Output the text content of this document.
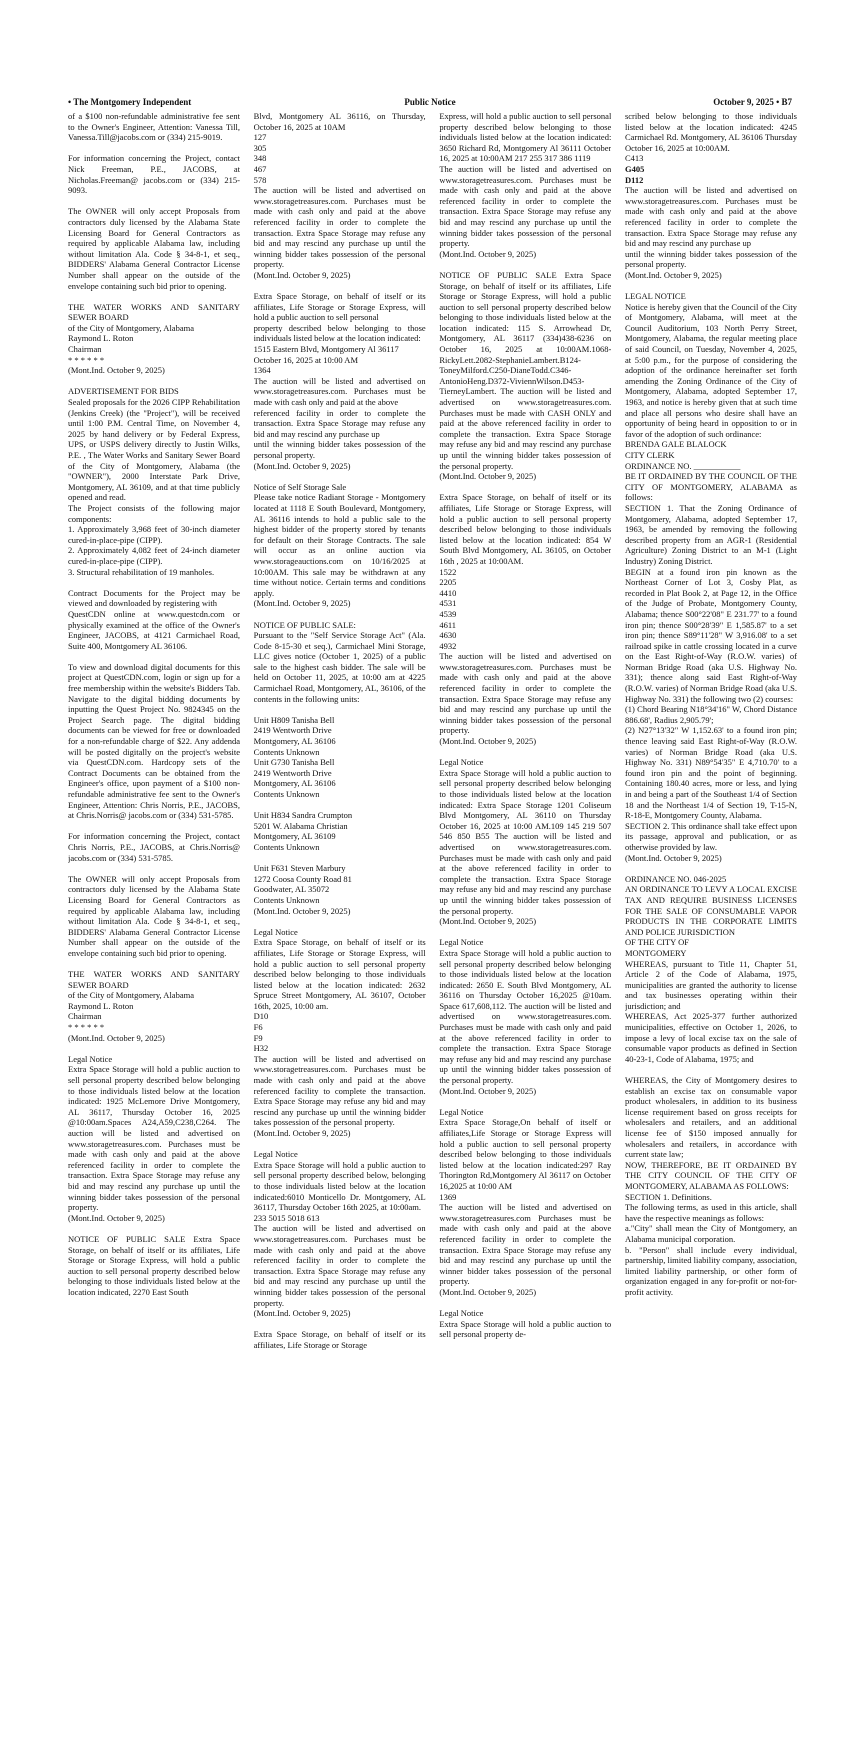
• The Montgomery Independent	Public Notice	October 9, 2025 • B7

of a $100 non-refundable administrative fee sent to the Owner's Engineer, Attention: Vanessa Till, Vanessa.Till@jacobs.com or (334) 215-9019.

For information concerning the Project, contact Nick Freeman, P.E., JACOBS, at Nicholas.Freeman@ jacobs.com or (334) 215-9093.

The OWNER will only accept Proposals from contractors duly licensed by the Alabama State Licensing Board for General Contractors as required by applicable Alabama law, including without limitation Ala. Code § 34-8-1, et seq., BIDDERS' Alabama General Contractor License Number shall appear on the outside of the envelope containing such bid prior to opening.

THE WATER WORKS AND SANITARY SEWER BOARD
of the City of Montgomery, Alabama
Raymond L. Roton
Chairman
* * * * * *
(Mont.Ind. October 9, 2025)

ADVERTISEMENT FOR BIDS
Sealed proposals for the 2026 CIPP Rehabilitation (Jenkins Creek) (the "Project"), will be received until 1:00 P.M. Central Time, on November 4, 2025 by hand delivery or by Federal Express, UPS, or USPS delivery directly to Justin Wilks, P.E. , The Water Works and Sanitary Sewer Board of the City of Montgomery, Alabama (the "OWNER"), 2000 Interstate Park Drive, Montgomery, AL 36109, and at that time publicly opened and read.
The Project consists of the following major components:
1. Approximately 3,968 feet of 30-inch diameter cured-in-place-pipe (CIPP).
2. Approximately 4,082 feet of 24-inch diameter cured-in-place-pipe (CIPP).
3. Structural rehabilitation of 19 manholes.

Contract Documents for the Project may be viewed and downloaded by registering with
QuestCDN online at www.questcdn.com or physically examined at the office of the Owner's Engineer, JACOBS, at 4121 Carmichael Road, Suite 400, Montgomery AL 36106.

To view and download digital documents for this project at QuestCDN.com, login or sign up for a free membership within the website's Bidders Tab. Navigate to the digital bidding documents by inputting the Quest Project No. 9824345 on the Project Search page. The digital bidding documents can be viewed for free or downloaded for a non-refundable charge of $22. Any addenda will be posted digitally on the project's website via QuestCDN.com. Hardcopy sets of the Contract Documents can be obtained from the Engineer's office, upon payment of a $100 non-refundable administrative fee sent to the Owner's Engineer, Attention: Chris Norris, P.E., JACOBS, at Chris.Norris@ jacobs.com or (334) 531-5785.

For information concerning the Project, contact Chris Norris, P.E., JACOBS, at Chris.Norris@ jacobs.com or (334) 531-5785.

The OWNER will only accept Proposals from contractors duly licensed by the Alabama State Licensing Board for General Contractors as required by applicable Alabama law, including without limitation Ala. Code § 34-8-1, et seq., BIDDERS' Alabama General Contractor License Number shall appear on the outside of the envelope containing such bid prior to opening.

THE WATER WORKS AND SANITARY SEWER BOARD
of the City of Montgomery, Alabama
Raymond L. Roton
Chairman
* * * * * *
(Mont.Ind. October 9, 2025)

Legal Notice
Extra Space Storage will hold a public auction to sell personal property described below belonging to those individuals listed below at the location indicated: 1925 McLemore Drive Montgomery, AL 36117, Thursday October 16, 2025 @10:00am.Spaces A24,A59,C238,C264. The auction will be listed and advertised on www.storagetreasures.com. Purchases must be made with cash only and paid at the above referenced facility in order to complete the transaction. Extra Space Storage may refuse any bid and may rescind any purchase up until the winning bidder takes possession of the personal property.
(Mont.Ind. October 9, 2025)

NOTICE OF PUBLIC SALE Extra Space Storage, on behalf of itself or its affiliates, Life Storage or Storage Express, will hold a public auction to sell personal property described below belonging to those individuals listed below at the location indicated, 2270 East South

Blvd, Montgomery AL 36116, on Thursday, October 16, 2025 at 10AM
127
305
348
467
578
The auction will be listed and advertised on www.storagetreasures.com. Purchases must be made with cash only and paid at the above referenced facility in order to complete the transaction. Extra Space Storage may refuse any bid and may rescind any purchase up until the winning bidder takes possession of the personal property.
(Mont.Ind. October 9, 2025)

Extra Space Storage, on behalf of itself or its affiliates, Life Storage or Storage Express, will hold a public auction to sell personal
property described below belonging to those individuals listed below at the location indicated:
1515 Eastern Blvd, Montgomery Al 36117
October 16, 2025 at 10:00 AM
1364
The auction will be listed and advertised on www.storagetreasures.com. Purchases must be made with cash only and paid at the above
referenced facility in order to complete the transaction. Extra Space Storage may refuse any bid and may rescind any purchase up
until the winning bidder takes possession of the personal property.
(Mont.Ind. October 9, 2025)

Notice of Self Storage Sale
Please take notice Radiant Storage - Montgomery located at 1118 E South Boulevard, Montgomery, AL 36116 intends to hold a public sale to the highest bidder of the property stored by tenants for default on their Storage Contracts. The sale will occur as an online auction via www.storageauctions.com on 10/16/2025 at 10:00AM. This sale may be withdrawn at any time without notice. Certain terms and conditions apply.
(Mont.Ind. October 9, 2025)

NOTICE OF PUBLIC SALE:
Pursuant to the "Self Service Storage Act" (Ala. Code 8-15-30 et seq.), Carmichael Mini Storage, LLC gives notice (October 1, 2025) of a public sale to the highest cash bidder. The sale will be held on October 11, 2025, at 10:00 am at 4225 Carmichael Road, Montgomery, AL, 36106, of the contents in the following units:

Unit H809 Tanisha Bell
2419 Wentworth Drive
Montgomery, AL 36106
Contents Unknown
Unit G730 Tanisha Bell
2419 Wentworth Drive
Montgomery, AL 36106
Contents Unknown

Unit H834 Sandra Crumpton
5201 W. Alabama Christian
Montgomery, AL 36109
Contents Unknown

Unit F631 Steven Marbury
1272 Coosa County Road 81
Goodwater, AL 35072
Contents Unknown
(Mont.Ind. October 9, 2025)

Legal Notice
Extra Space Storage, on behalf of itself or its affiliates, Life Storage or Storage Express, will hold a public auction to sell personal property described below belonging to those individuals listed below at the location indicated: 2632 Spruce Street Montgomery, AL 36107, October 16th, 2025, 10:00 am.
D10
F6
F9
H32
The auction will be listed and advertised on www.storagetreasures.com. Purchases must be made with cash only and paid at the above referenced facility to complete the transaction. Extra Space Storage may refuse any bid and may rescind any purchase up until the winning bidder takes possession of the personal property.
(Mont.Ind. October 9, 2025)

Legal Notice
Extra Space Storage will hold a public auction to sell personal property described below, belonging to those individuals listed below at the location indicated:6010 Monticello Dr. Montgomery, AL 36117, Thursday October 16th 2025, at 10:00am.
233 5015 5018 613
The auction will be listed and advertised on www.storagetreasures.com. Purchases must be made with cash only and paid at the above referenced facility in order to complete the transaction. Extra Space Storage may refuse any bid and may rescind any purchase up until the winning bidder takes possession of the personal property.
(Mont.Ind. October 9, 2025)

Extra Space Storage, on behalf of itself or its affiliates, Life Storage or Storage

Express, will hold a public auction to sell personal property described below belonging to those individuals listed below at the location indicated: 3650 Richard Rd, Montgomery Al 36111 October 16, 2025 at 10:00AM 217 255 317 386 1119
The auction will be listed and advertised on www.storagetreasures.com. Purchases must be made with cash only and paid at the above referenced facility in order to complete the transaction. Extra Space Storage may refuse any bid and may rescind any purchase up until the winning bidder takes possession of the personal property.
(Mont.Ind. October 9, 2025)

NOTICE OF PUBLIC SALE Extra Space Storage, on behalf of itself or its affiliates, Life Storage or Storage Express, will hold a public auction to sell personal property described below belonging to those individuals listed below at the location indicated: 115 S. Arrowhead Dr, Montgomery, AL 36117 (334)438-6236 on October 16, 2025 at 10:00AM.1068-RickyLett.2082-StephanieLambert.B124-ToneyMilford.C250-DianeTodd.C346-AntonioHeng.D372-ViviennWilson.D453-TierneyLambert. The auction will be listed and advertised on www.storagetreasures.com. Purchases must be made with CASH ONLY and paid at the above referenced facility in order to complete the transaction. Extra Space Storage may refuse any bid and may rescind any purchase up until the winning bidder takes possession of the personal property.
(Mont.Ind. October 9, 2025)

Extra Space Storage, on behalf of itself or its affiliates, Life Storage or Storage Express, will hold a public auction to sell personal property described below belonging to those individuals listed below at the location indicated: 854 W South Blvd Montgomery, AL 36105, on October 16th , 2025 at 10:00AM.
1522
2205
4410
4531
4539
4611
4630
4932
The auction will be listed and advertised on www.storagetreasures.com. Purchases must be made with cash only and paid at the above referenced facility in order to complete the transaction. Extra Space Storage may refuse any bid and may rescind any purchase up until the winning bidder takes possession of the personal property.
(Mont.Ind. October 9, 2025)

Legal Notice
Extra Space Storage will hold a public auction to sell personal property described below belonging to those individuals listed below at the location indicated: Extra Space Storage 1201 Coliseum Blvd Montgomery, AL 36110 on Thursday October 16, 2025 at 10:00 AM.109 145 219 507 546 850 B55 The auction will be listed and advertised on www.storagetreasures.com. Purchases must be made with cash only and paid at the above referenced facility in order to complete the transaction. Extra Space Storage may refuse any bid and may rescind any purchase up until the winning bidder takes possession of the personal property.
(Mont.Ind. October 9, 2025)

Legal Notice
Extra Space Storage will hold a public auction to sell personal property described below belonging to those individuals listed below at the location indicated: 2650 E. South Blvd Montgomery, AL 36116 on Thursday October 16,2025 @10am. Space 617,608,112. The auction will be listed and advertised on www.storagetreasures.com. Purchases must be made with cash only and paid at the above referenced facility in order to complete the transaction. Extra Space Storage may refuse any bid and may rescind any purchase up until the winning bidder takes possession of the personal property.
(Mont.Ind. October 9, 2025)

Legal Notice
Extra Space Storage,On behalf of itself or affiliates,Life Storage or Storage Express will hold a public auction to sell personal property described below belonging to those individuals listed below at the location indicated:297 Ray Thorington Rd,Montgomery Al 36117 on October 16,2025 at 10:00 AM
1369
The auction will be listed and advertised on www.storagetreasures.com Purchases must be made with cash only and paid at the above referenced facility in order to complete the transaction. Extra Space Storage may refuse any bid and may rescind any purchase up until the winner bidder takes possession of the personal property.
(Mont.Ind. October 9, 2025)

Legal Notice
Extra Space Storage will hold a public auction to sell personal property de-

scribed below belonging to those individuals listed below at the location indicated: 4245 Carmichael Rd. Montgomery, AL 36106 Thursday October 16, 2025 at 10:00AM.
C413

G405

D112

The auction will be listed and advertised on www.storagetreasures.com. Purchases must be made with cash only and paid at the above referenced facility in order to complete the transaction. Extra Space Storage may refuse any bid and may rescind any purchase up
until the winning bidder takes possession of the personal property.
(Mont.Ind. October 9, 2025)

LEGAL NOTICE
Notice is hereby given that the Council of the City of Montgomery, Alabama, will meet at the Council Auditorium, 103 North Perry Street, Montgomery, Alabama, the regular meeting place of said Council, on Tuesday, November 4, 2025, at 5:00 p.m., for the purpose of considering the adoption of the ordinance hereinafter set forth amending the Zoning Ordinance of the City of Montgomery, Alabama, adopted September 17, 1963, and notice is hereby given that at such time and place all persons who desire shall have an opportunity of being heard in opposition to or in favor of the adoption of such ordinance:
BRENDA GALE BLALOCK
CITY CLERK
ORDINANCE NO. ___________
BE IT ORDAINED BY THE COUNCIL OF THE CITY OF MONTGOMERY, ALABAMA as follows:
SECTION 1. That the Zoning Ordinance of Montgomery, Alabama, adopted September 17, 1963, be amended by removing the following described property from an AGR-1 (Residential Agriculture) Zoning District to an M-1 (Light Industry) Zoning District.
BEGIN at a found iron pin known as the Northeast Corner of Lot 3, Cosby Plat, as recorded in Plat Book 2, at Page 12, in the Office of the Judge of Probate, Montgomery County, Alabama; thence S00°22'08" E 231.77' to a found iron pin; thence S00°28'39" E 1,585.87' to a set iron pin; thence S89°11'28" W 3,916.08' to a set railroad spike in cattle crossing located in a curve on the East Right-of-Way (R.O.W. varies) of Norman Bridge Road (aka U.S. Highway No. 331); thence along said East Right-of-Way (R.O.W. varies) of Norman Bridge Road (aka U.S. Highway No. 331) the following two (2) courses:
(1) Chord Bearing N18°34'16" W, Chord Distance 886.68', Radius 2,905.79';
(2) N27°13'32" W 1,152.63' to a found iron pin; thence leaving said East Right-of-Way (R.O.W. varies) of Norman Bridge Road (aka U.S. Highway No. 331) N89°54'35" E 4,710.70' to a found iron pin and the point of beginning. Containing 180.40 acres, more or less, and lying in and being a part of the Southeast 1/4 of Section 18 and the Northeast 1/4 of Section 19, T-15-N, R-18-E, Montgomery County, Alabama.
SECTION 2. This ordinance shall take effect upon its passage, approval and publication, or as otherwise provided by law.
(Mont.Ind. October 9, 2025)

ORDINANCE NO. 046-2025
AN ORDINANCE TO LEVY A LOCAL EXCISE TAX AND REQUIRE BUSINESS LICENSES FOR THE SALE OF CONSUMABLE VAPOR PRODUCTS IN THE CORPORATE LIMITS AND POLICE JURISDICTION
OF THE CITY OF
MONTGOMERY
WHEREAS, pursuant to Title 11, Chapter 51, Article 2 of the Code of Alabama, 1975, municipalities are granted the authority to license and tax businesses operating within their jurisdiction; and
WHEREAS, Act 2025-377 further authorized municipalities, effective on October 1, 2026, to impose a levy of local excise tax on the sale of consumable vapor products as defined in Section 40-23-1, Code of Alabama, 1975; and

WHEREAS, the City of Montgomery desires to establish an excise tax on consumable vapor product wholesalers, in addition to its business license requirement based on gross receipts for wholesalers and retailers, and an additional license fee of $150 imposed annually for wholesalers and retailers, in accordance with current state law;
NOW, THEREFORE, BE IT ORDAINED BY THE CITY COUNCIL OF THE CITY OF MONTGOMERY, ALABAMA AS FOLLOWS:
SECTION 1. Definitions.
The following terms, as used in this article, shall have the respective meanings as follows:
a."City" shall mean the City of Montgomery, an Alabama municipal corporation.
b. "Person" shall include every individual, partnership, limited liability company, association, limited liability partnership, or other form of organization engaged in any for-profit or not-for-profit activity.
